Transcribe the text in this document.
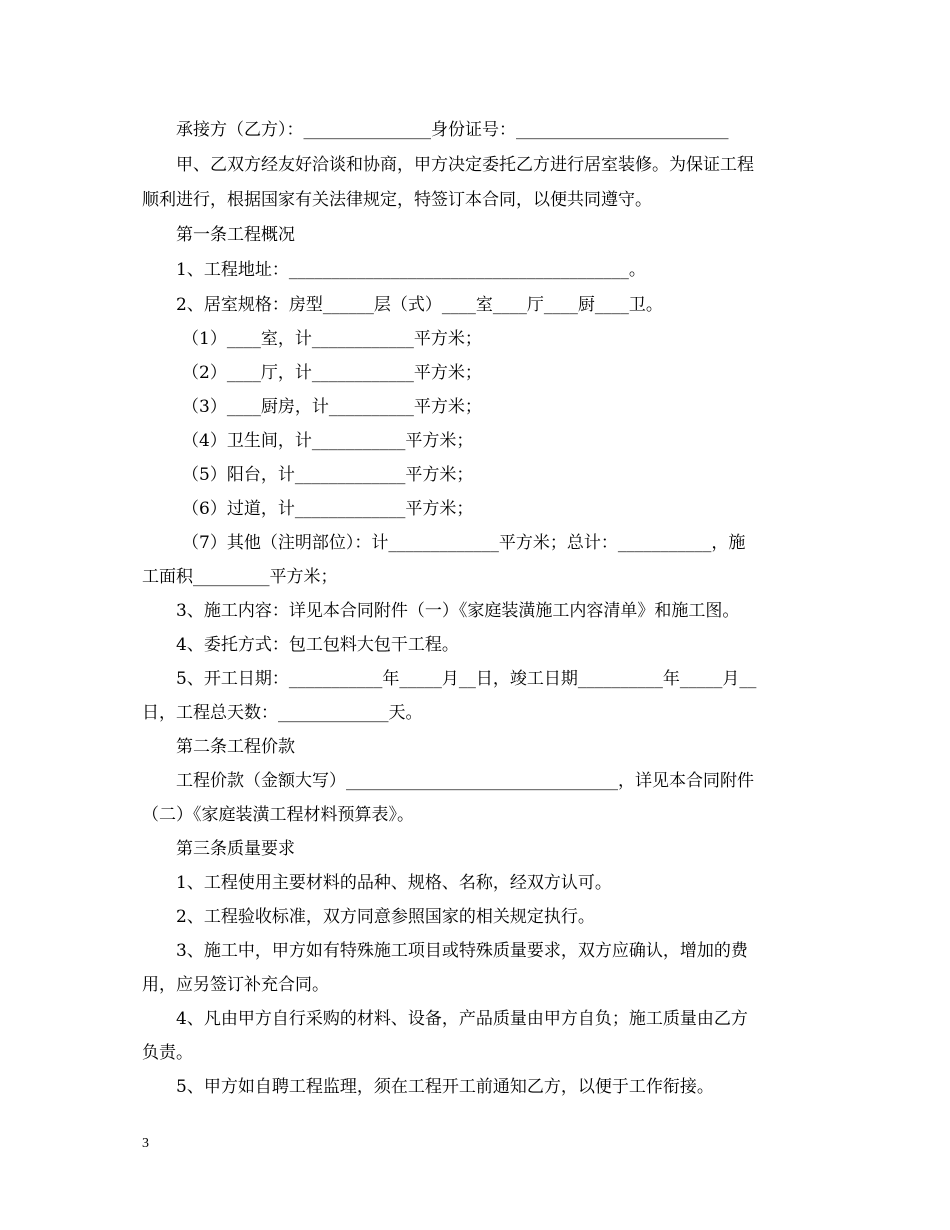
承接方（乙方）：_______________身份证号：_________________________
甲、乙双方经友好洽谈和协商，甲方决定委托乙方进行居室装修。为保证工程
顺利进行，根据国家有关法律规定，特签订本合同，以便共同遵守。
第一条工程概况
1、工程地址：________________________________________。
2、居室规格：房型______层（式）____室____厅____厨____卫。
（1）____室，计____________平方米；
（2）____厅，计____________平方米；
（3）____厨房，计__________平方米；
（4）卫生间，计___________平方米；
（5）阳台，计_____________平方米；
（6）过道，计_____________平方米；
（7）其他（注明部位）：计_____________平方米；总计：___________，施
工面积_________平方米；
3、施工内容：详见本合同附件（一）《家庭装潢施工内容清单》和施工图。
4、委托方式：包工包料大包干工程。
5、开工日期：___________年_____月__日，竣工日期__________年_____月__
日，工程总天数：_____________天。
第二条工程价款
工程价款（金额大写）________________________________，详见本合同附件
（二）《家庭装潢工程材料预算表》。
第三条质量要求
1、工程使用主要材料的品种、规格、名称，经双方认可。
2、工程验收标准，双方同意参照国家的相关规定执行。
3、施工中，甲方如有特殊施工项目或特殊质量要求，双方应确认，增加的费
用，应另签订补充合同。
4、凡由甲方自行采购的材料、设备，产品质量由甲方自负；施工质量由乙方
负责。
5、甲方如自聘工程监理，须在工程开工前通知乙方，以便于工作衔接。
3
